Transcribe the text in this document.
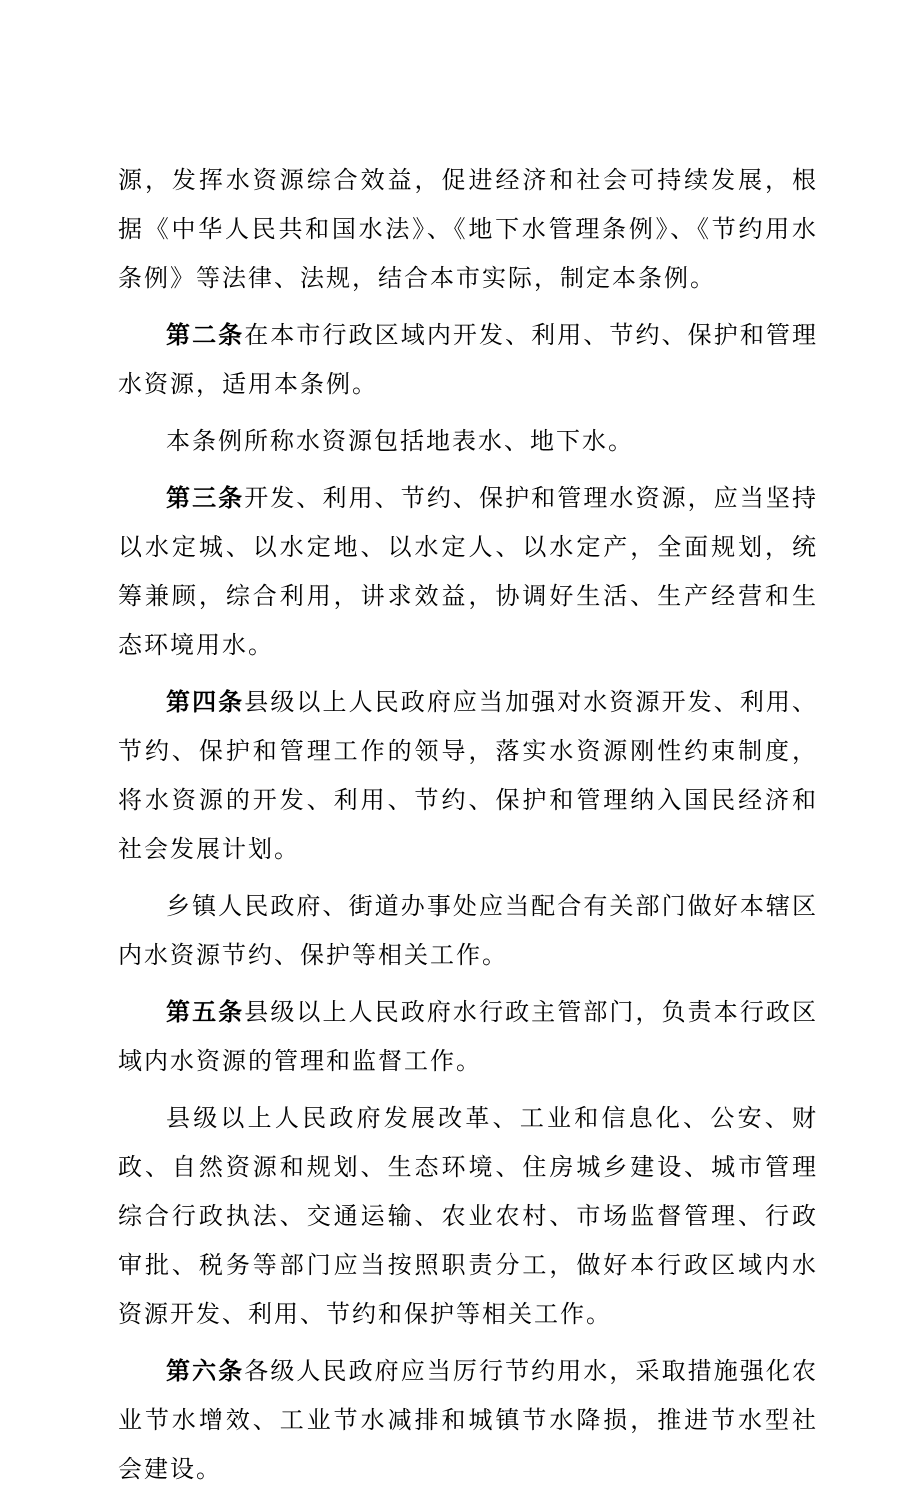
源，发挥水资源综合效益，促进经济和社会可持续发展，根据《中华人民共和国水法》、《地下水管理条例》、《节约用水条例》等法律、法规，结合本市实际，制定本条例。

第二条在本市行政区域内开发、利用、节约、保护和管理水资源，适用本条例。

本条例所称水资源包括地表水、地下水。

第三条开发、利用、节约、保护和管理水资源，应当坚持以水定城、以水定地、以水定人、以水定产，全面规划，统筹兼顾，综合利用，讲求效益，协调好生活、生产经营和生态环境用水。

第四条县级以上人民政府应当加强对水资源开发、利用、节约、保护和管理工作的领导，落实水资源刚性约束制度，将水资源的开发、利用、节约、保护和管理纳入国民经济和社会发展计划。

乡镇人民政府、街道办事处应当配合有关部门做好本辖区内水资源节约、保护等相关工作。

第五条县级以上人民政府水行政主管部门，负责本行政区域内水资源的管理和监督工作。

县级以上人民政府发展改革、工业和信息化、公安、财政、自然资源和规划、生态环境、住房城乡建设、城市管理综合行政执法、交通运输、农业农村、市场监督管理、行政审批、税务等部门应当按照职责分工，做好本行政区域内水资源开发、利用、节约和保护等相关工作。

第六条各级人民政府应当厉行节约用水，采取措施强化农业节水增效、工业节水减排和城镇节水降损，推进节水型社会建设。
